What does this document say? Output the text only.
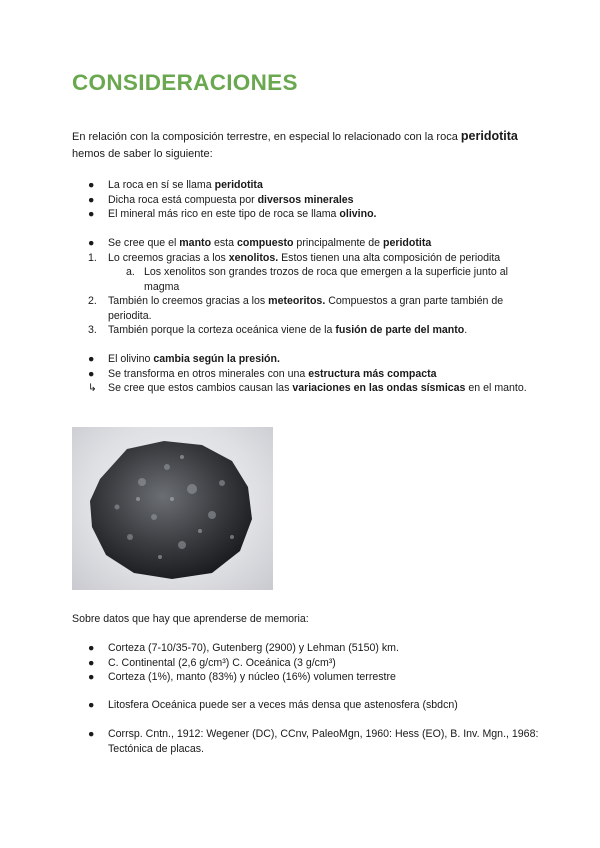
CONSIDERACIONES
En relación con la composición terrestre, en especial lo relacionado con la roca peridotita
hemos de saber lo siguiente:
● La roca en sí se llama peridotita
● Dicha roca está compuesta por diversos minerales
● El mineral más rico en este tipo de roca se llama olivino.
● Se cree que el manto esta compuesto principalmente de peridotita
1. Lo creemos gracias a los xenolitos. Estos tienen una alta composición de periodita
a. Los xenolitos son grandes trozos de roca que emergen a la superficie junto al magma
2. También lo creemos gracias a los meteoritos. Compuestos a gran parte también de periodita.
3. También porque la corteza oceánica viene de la fusión de parte del manto.
● El olivino cambia según la presión.
● Se transforma en otros minerales con una estructura más compacta
↳ Se cree que estos cambios causan las variaciones en las ondas sísmicas en el manto.
Sobre datos que hay que aprenderse de memoria:
● Corteza (7-10/35-70), Gutenberg (2900) y Lehman (5150) km.
● C. Continental (2,6 g/cm³) C. Oceánica (3 g/cm³)
● Corteza (1%), manto (83%) y núcleo (16%) volumen terrestre
● Litosfera Oceánica puede ser a veces más densa que astenosfera (sbdcn)
● Corrsp. Cntn., 1912: Wegener (DC), CCnv, PaleoMgn, 1960: Hess (EO), B. Inv. Mgn., 1968: Tectónica de placas.
